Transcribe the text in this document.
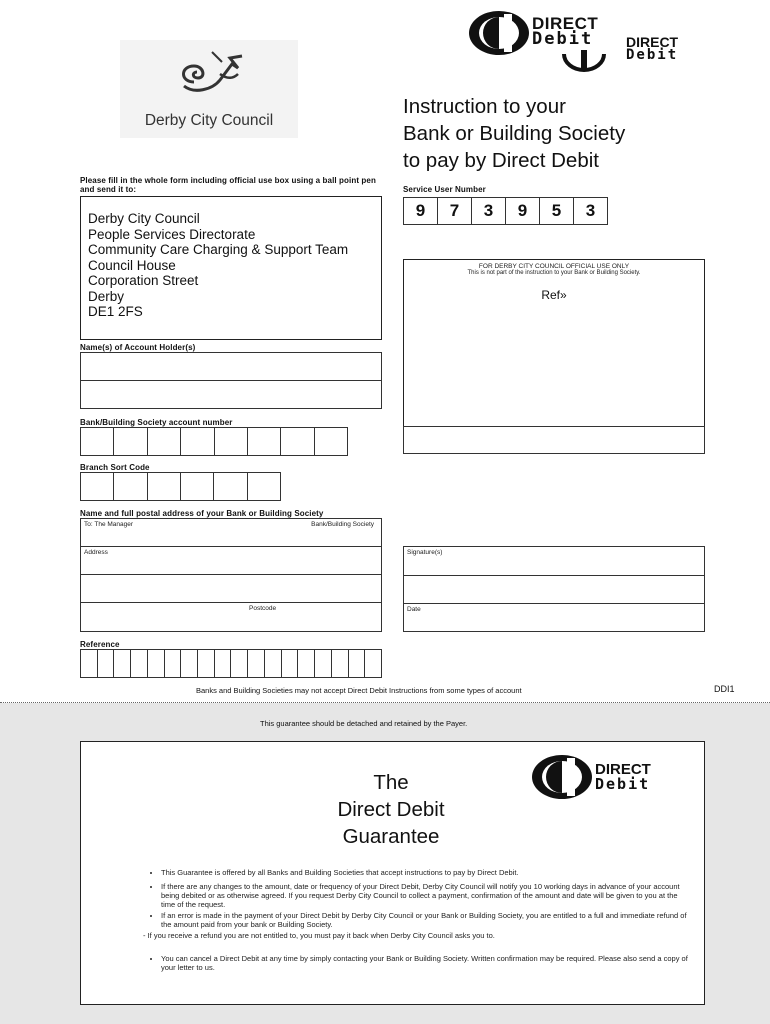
Derby City Council
DIRECT
Debit DIRECT
Debit
Instruction to your
Bank or Building Society
to pay by Direct Debit
Please fill in the whole form including official use box using a ball point pen and send it to:
Derby City Council
People Services Directorate
Community Care Charging & Support Team
Council House
Corporation Street
Derby
DE1 2FS
Service User Number
9	7	3	9	5	3
FOR DERBY CITY COUNCIL OFFICIAL USE ONLY
This is not part of the instruction to your Bank or Building Society.
Ref»
Name(s) of Account Holder(s)
Bank/Building Society account number
Branch Sort Code
Name and full postal address of your Bank or Building Society
To: The Manager	Bank/Building Society
Address
Postcode
Signature(s)
Date
Reference
Banks and Building Societies may not accept Direct Debit Instructions from some types of account	DDI1
This guarantee should be detached and retained by the Payer.
The
Direct Debit
Guarantee
DIRECT
Debit
• This Guarantee is offered by all Banks and Building Societies that accept instructions to pay by Direct Debit.
• If there are any changes to the amount, date or frequency of your Direct Debit, Derby City Council will notify you 10 working days in advance of your account being debited or as otherwise agreed. If you request Derby City Council to collect a payment, confirmation of the amount and date will be given to you at the time of the request.
• If an error is made in the payment of your Direct Debit by Derby City Council or your Bank or Building Society, you are entitled to a full and immediate refund of the amount paid from your bank or Building Society.
- If you receive a refund you are not entitled to, you must pay it back when Derby City Council asks you to.
• You can cancel a Direct Debit at any time by simply contacting your Bank or Building Society. Written confirmation may be required. Please also send a copy of your letter to us.
